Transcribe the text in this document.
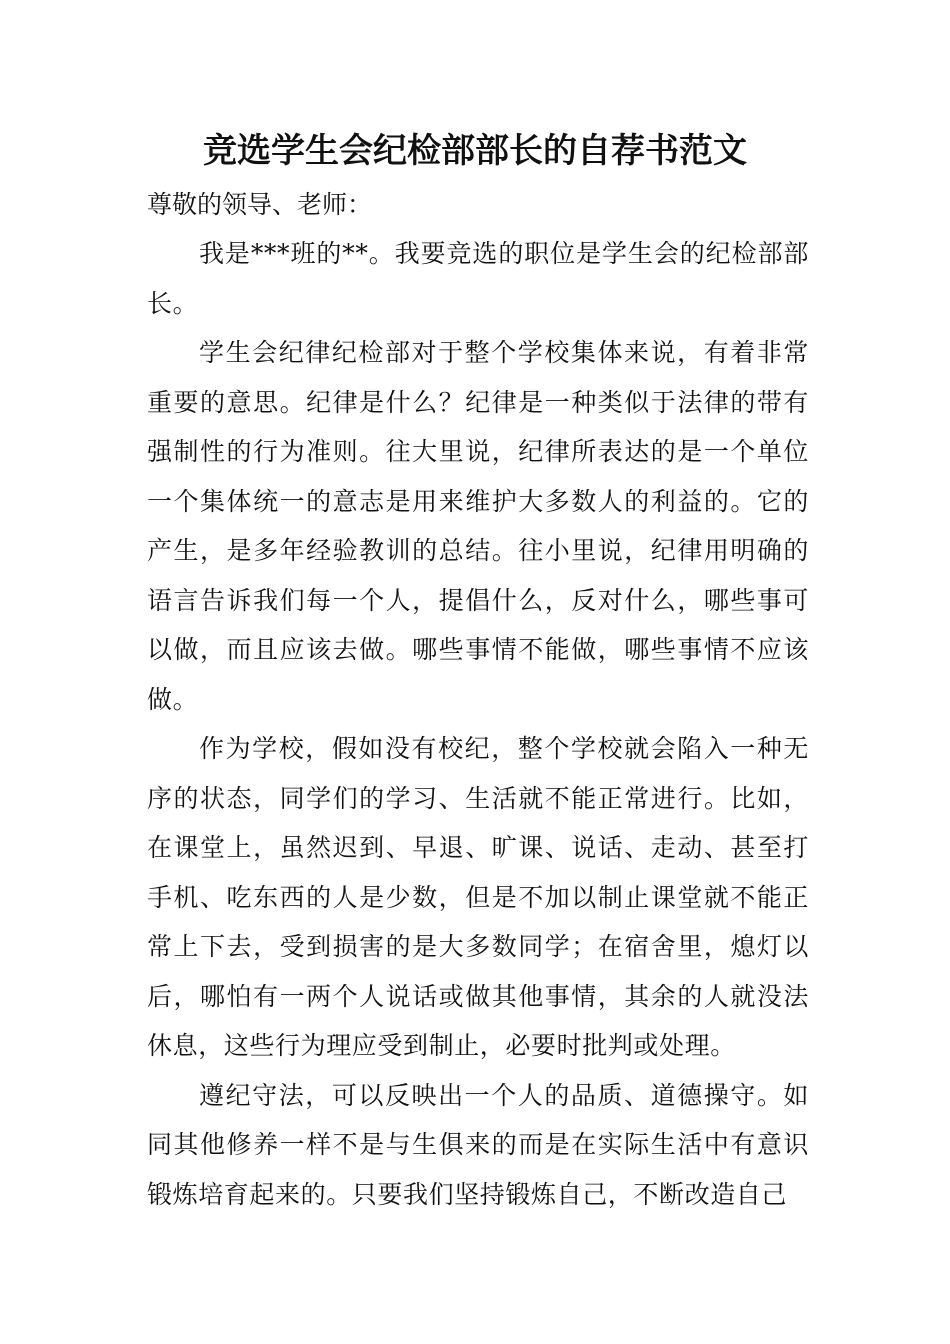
竞选学生会纪检部部长的自荐书范文

尊敬的领导、老师：

我是***班的**。我要竞选的职位是学生会的纪检部部长。

学生会纪律纪检部对于整个学校集体来说，有着非常重要的意思。纪律是什么？纪律是一种类似于法律的带有强制性的行为准则。往大里说，纪律所表达的是一个单位一个集体统一的意志是用来维护大多数人的利益的。它的产生，是多年经验教训的总结。往小里说，纪律用明确的语言告诉我们每一个人，提倡什么，反对什么，哪些事可以做，而且应该去做。哪些事情不能做，哪些事情不应该做。

作为学校，假如没有校纪，整个学校就会陷入一种无序的状态，同学们的学习、生活就不能正常进行。比如，在课堂上，虽然迟到、早退、旷课、说话、走动、甚至打手机、吃东西的人是少数，但是不加以制止课堂就不能正常上下去，受到损害的是大多数同学；在宿舍里，熄灯以后，哪怕有一两个人说话或做其他事情，其余的人就没法休息，这些行为理应受到制止，必要时批判或处理。

遵纪守法，可以反映出一个人的品质、道德操守。如同其他修养一样不是与生俱来的而是在实际生活中有意识锻炼培育起来的。只要我们坚持锻炼自己，不断改造自己
